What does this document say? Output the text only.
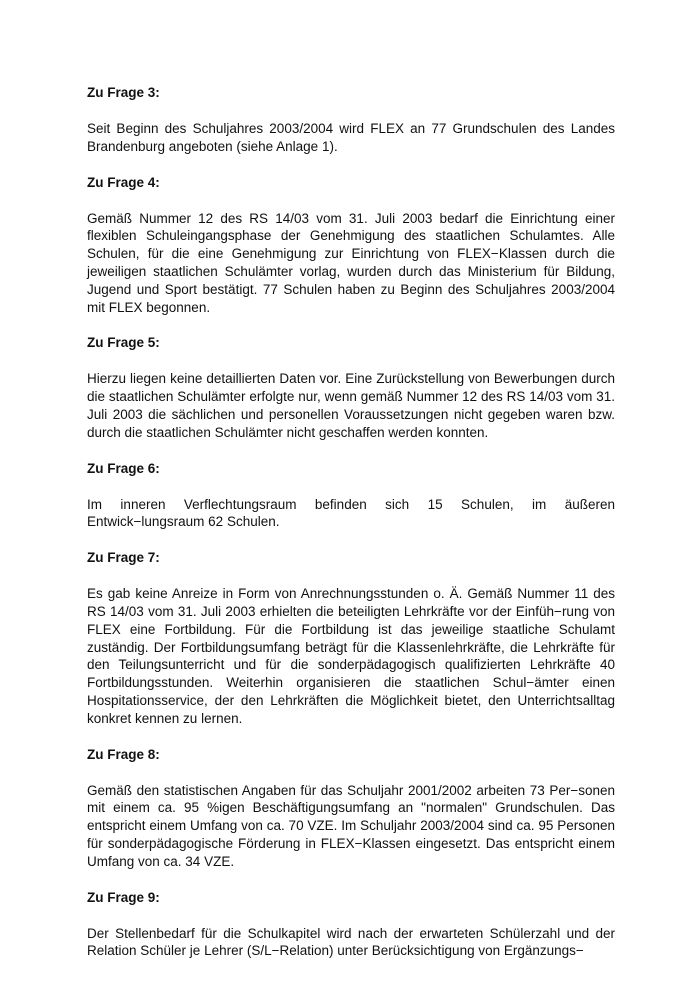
Zu Frage 3:

Seit Beginn des Schuljahres 2003/2004 wird FLEX an 77 Grundschulen des Landes Brandenburg angeboten (siehe Anlage 1).

Zu Frage 4:

Gemäß Nummer 12 des RS 14/03 vom 31. Juli 2003 bedarf die Einrichtung einer flexiblen Schuleingangsphase der Genehmigung des staatlichen Schulamtes. Alle Schulen, für die eine Genehmigung zur Einrichtung von FLEX−Klassen durch die jeweiligen staatlichen Schulämter vorlag, wurden durch das Ministerium für Bildung, Jugend und Sport bestätigt. 77 Schulen haben zu Beginn des Schuljahres 2003/2004 mit FLEX begonnen.

Zu Frage 5:

Hierzu liegen keine detaillierten Daten vor. Eine Zurückstellung von Bewerbungen durch die staatlichen Schulämter erfolgte nur, wenn gemäß Nummer 12 des RS 14/03 vom 31. Juli 2003 die sächlichen und personellen Voraussetzungen nicht gegeben waren bzw. durch die staatlichen Schulämter nicht geschaffen werden konnten.

Zu Frage 6:

Im inneren Verflechtungsraum befinden sich 15 Schulen, im äußeren Entwick−lungsraum 62 Schulen.

Zu Frage 7:

Es gab keine Anreize in Form von Anrechnungsstunden o. Ä. Gemäß Nummer 11 des RS 14/03 vom 31. Juli 2003 erhielten die beteiligten Lehrkräfte vor der Einfüh−rung von FLEX eine Fortbildung. Für die Fortbildung ist das jeweilige staatliche Schulamt zuständig. Der Fortbildungsumfang beträgt für die Klassenlehrkräfte, die Lehrkräfte für den Teilungsunterricht und für die sonderpädagogisch qualifizierten Lehrkräfte 40 Fortbildungsstunden. Weiterhin organisieren die staatlichen Schul−ämter einen Hospitationsservice, der den Lehrkräften die Möglichkeit bietet, den Unterrichtsalltag konkret kennen zu lernen.

Zu Frage 8:

Gemäß den statistischen Angaben für das Schuljahr 2001/2002 arbeiten 73 Per−sonen mit einem ca. 95 %igen Beschäftigungsumfang an "normalen" Grundschulen. Das entspricht einem Umfang von ca. 70 VZE. Im Schuljahr 2003/2004 sind ca. 95 Personen für sonderpädagogische Förderung in FLEX−Klassen eingesetzt. Das entspricht einem Umfang von ca. 34 VZE.

Zu Frage 9:

Der Stellenbedarf für die Schulkapitel wird nach der erwarteten Schülerzahl und der Relation Schüler je Lehrer (S/L−Relation) unter Berücksichtigung von Ergänzungs−
